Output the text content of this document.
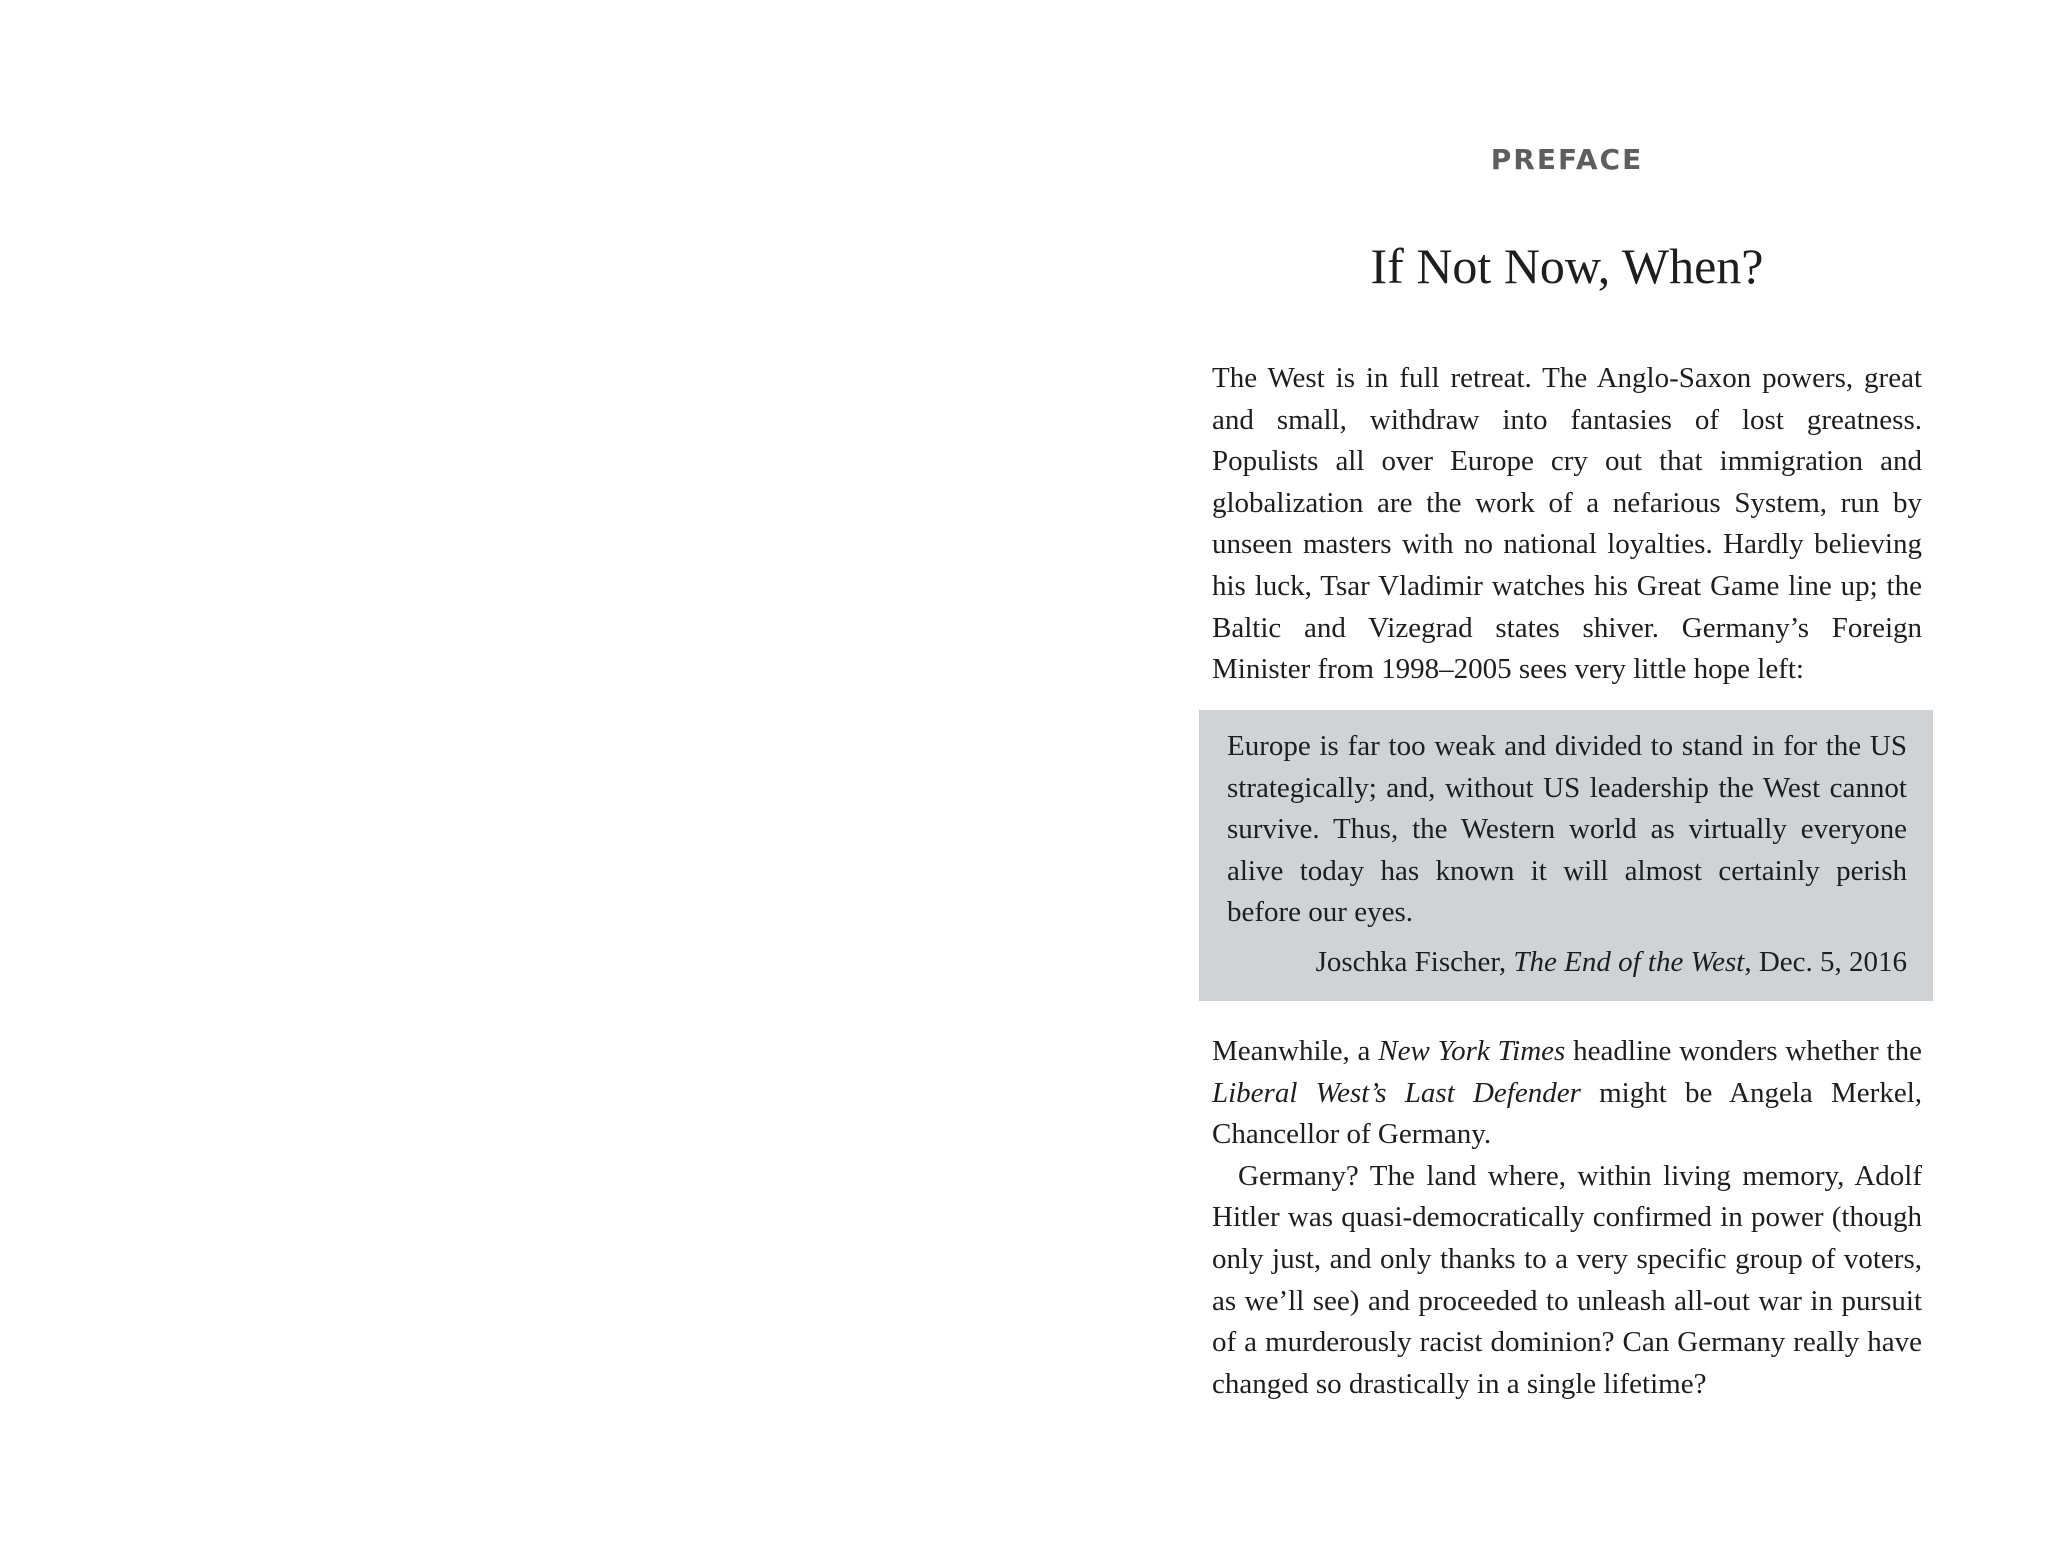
PREFACE
If Not Now, When?

The West is in full retreat. The Anglo-Saxon powers, great and small, withdraw into fantasies of lost greatness. Populists all over Europe cry out that immigration and globalization are the work of a nefarious System, run by unseen masters with no national loyalties. Hardly believing his luck, Tsar Vladimir watches his Great Game line up; the Baltic and Vizegrad states shiver. Germany’s Foreign Minister from 1998–2005 sees very little hope left:

Europe is far too weak and divided to stand in for the US strategically; and, without US leadership the West cannot survive. Thus, the Western world as virtually everyone alive today has known it will almost certainly perish before our eyes.

Joschka Fischer, The End of the West, Dec. 5, 2016

Meanwhile, a New York Times headline wonders whether the Liberal West’s Last Defender might be Angela Merkel, Chancellor of Germany.

Germany? The land where, within living memory, Adolf Hitler was quasi-democratically confirmed in power (though only just, and only thanks to a very specific group of voters, as we’ll see) and proceeded to unleash all-out war in pursuit of a murderously racist dominion? Can Germany really have changed so drastically in a single lifetime?
